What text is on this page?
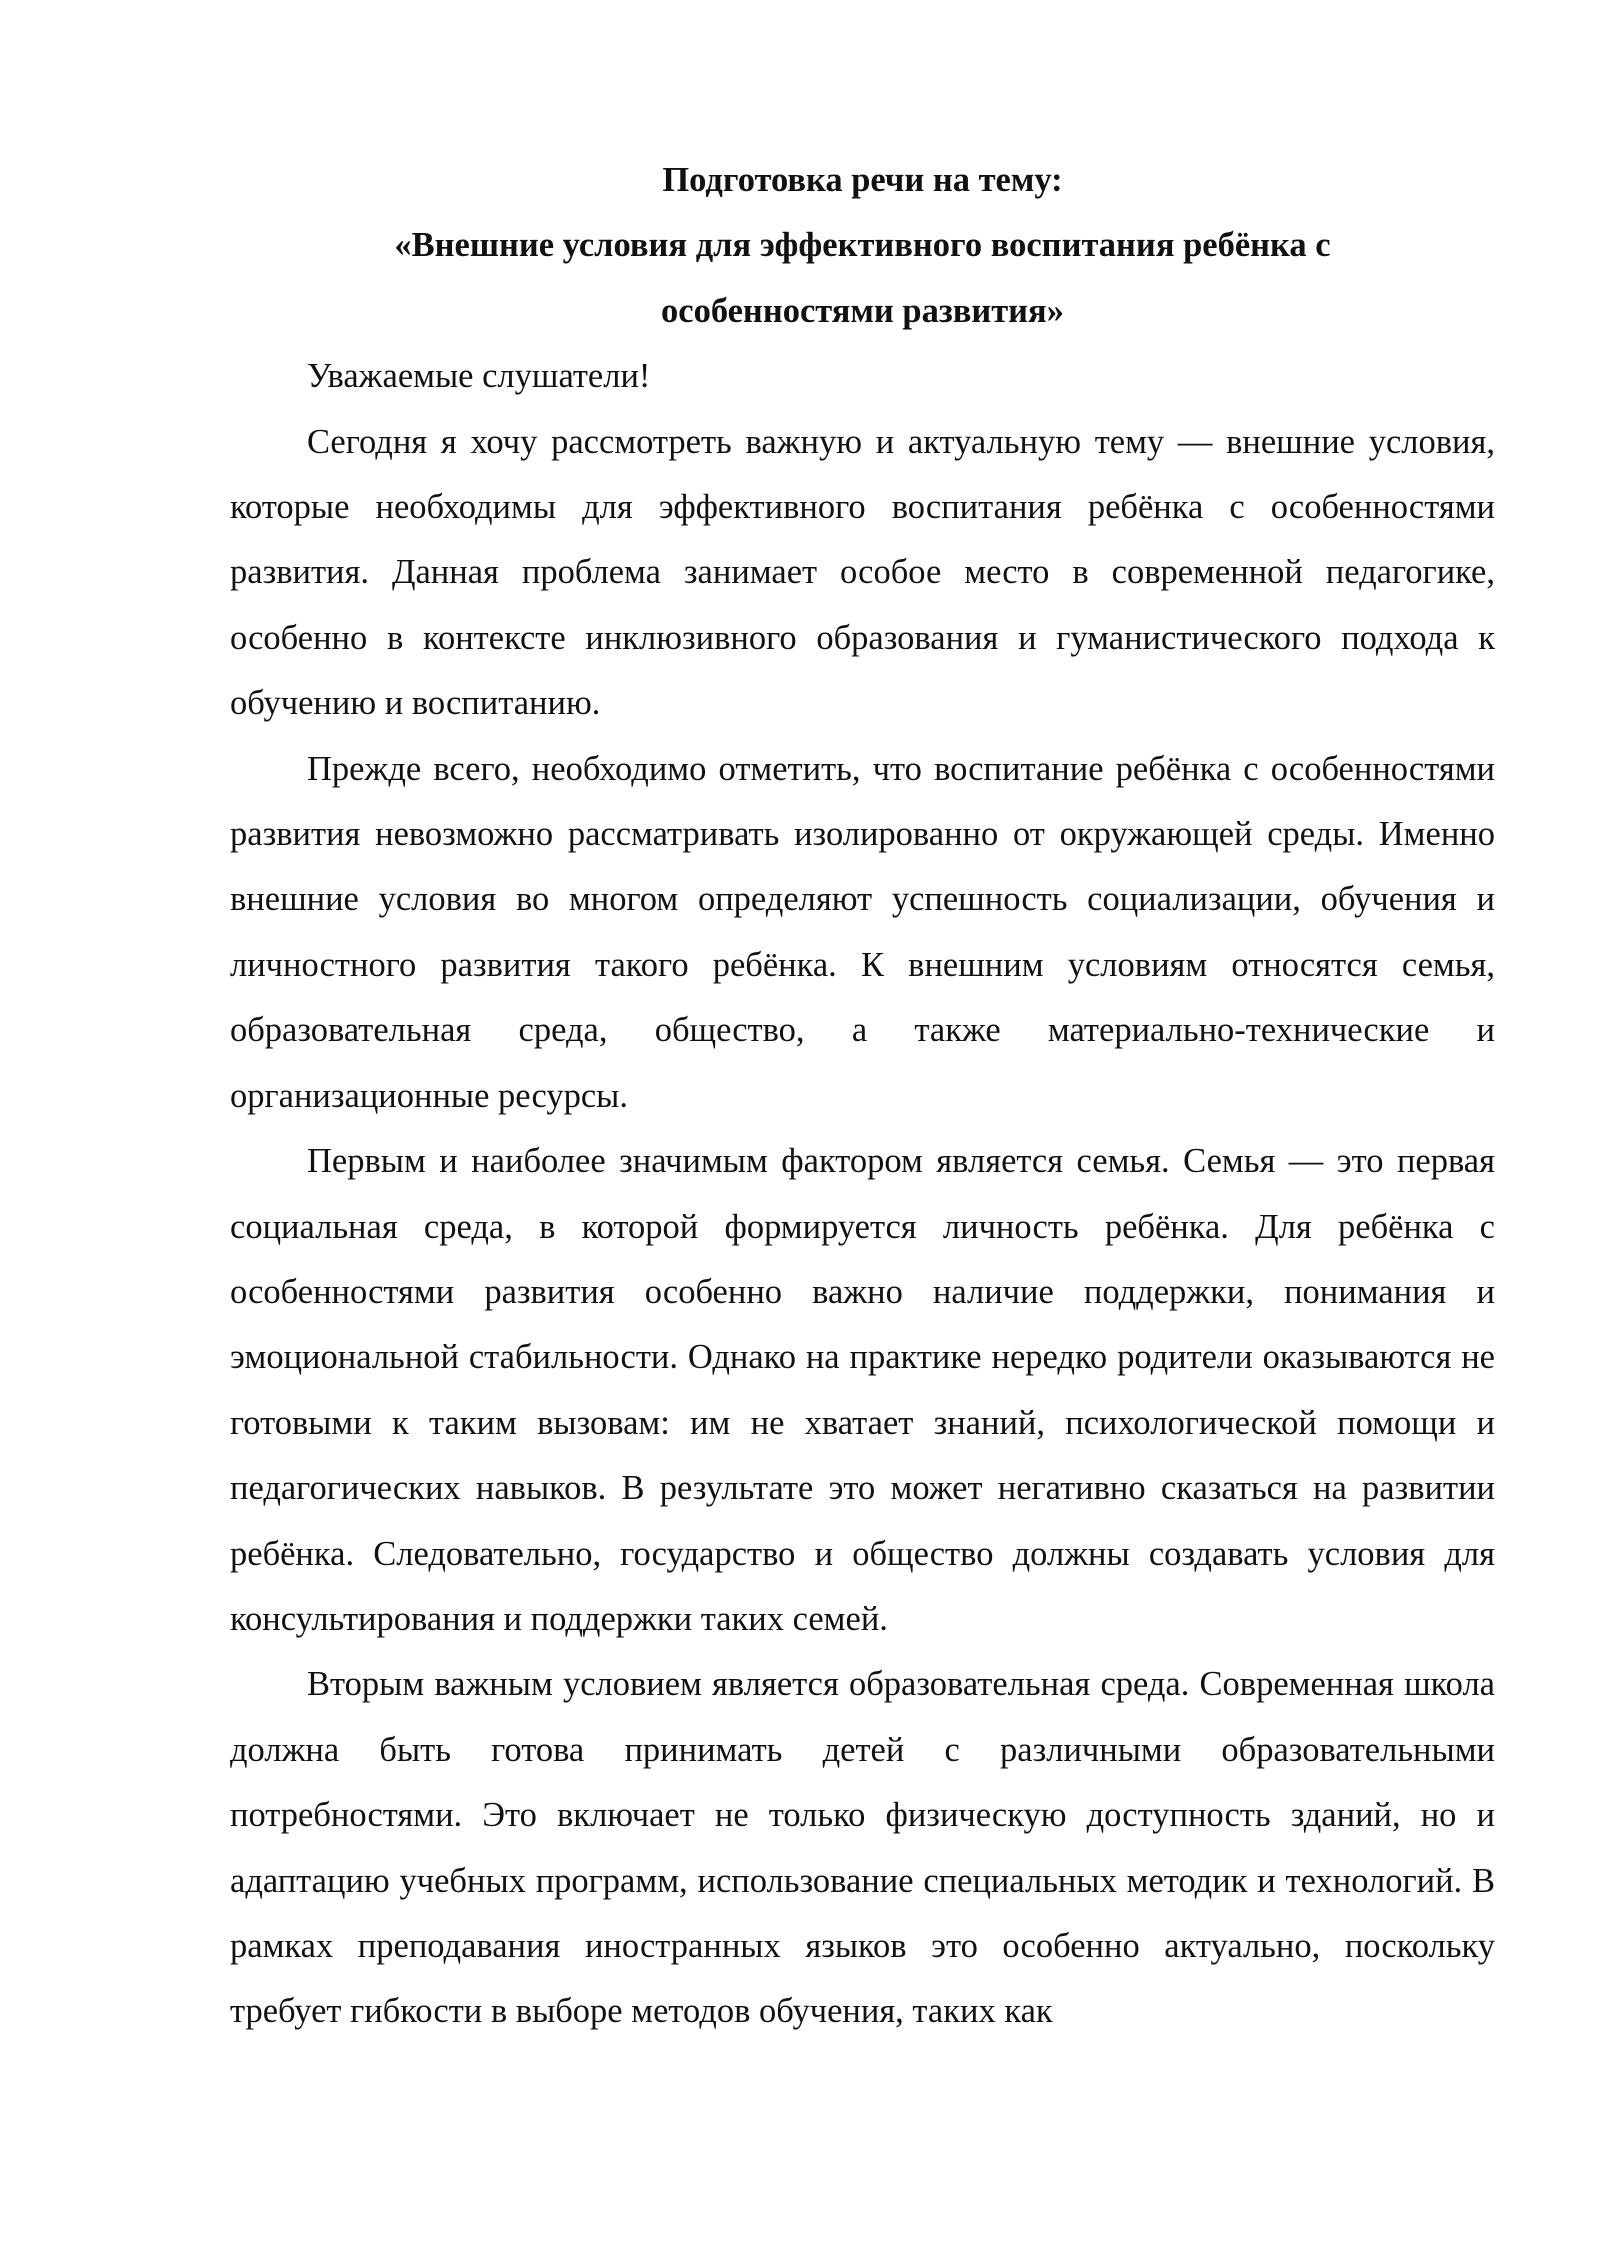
Подготовка речи на тему:

«Внешние условия для эффективного воспитания ребёнка с

особенностями развития»

Уважаемые слушатели!

Сегодня я хочу рассмотреть важную и актуальную тему — внешние условия, которые необходимы для эффективного воспитания ребёнка с особенностями развития. Данная проблема занимает особое место в современной педагогике, особенно в контексте инклюзивного образования и гуманистического подхода к обучению и воспитанию.

Прежде всего, необходимо отметить, что воспитание ребёнка с особенностями развития невозможно рассматривать изолированно от окружающей среды. Именно внешние условия во многом определяют успешность социализации, обучения и личностного развития такого ребёнка. К внешним условиям относятся семья, образовательная среда, общество, а также материально-технические и организационные ресурсы.

Первым и наиболее значимым фактором является семья. Семья — это первая социальная среда, в которой формируется личность ребёнка. Для ребёнка с особенностями развития особенно важно наличие поддержки, понимания и эмоциональной стабильности. Однако на практике нередко родители оказываются не готовыми к таким вызовам: им не хватает знаний, психологической помощи и педагогических навыков. В результате это может негативно сказаться на развитии ребёнка. Следовательно, государство и общество должны создавать условия для консультирования и поддержки таких семей.

Вторым важным условием является образовательная среда. Современная школа должна быть готова принимать детей с различными образовательными потребностями. Это включает не только физическую доступность зданий, но и адаптацию учебных программ, использование специальных методик и технологий. В рамках преподавания иностранных языков это особенно актуально, поскольку требует гибкости в выборе методов обучения, таких как
